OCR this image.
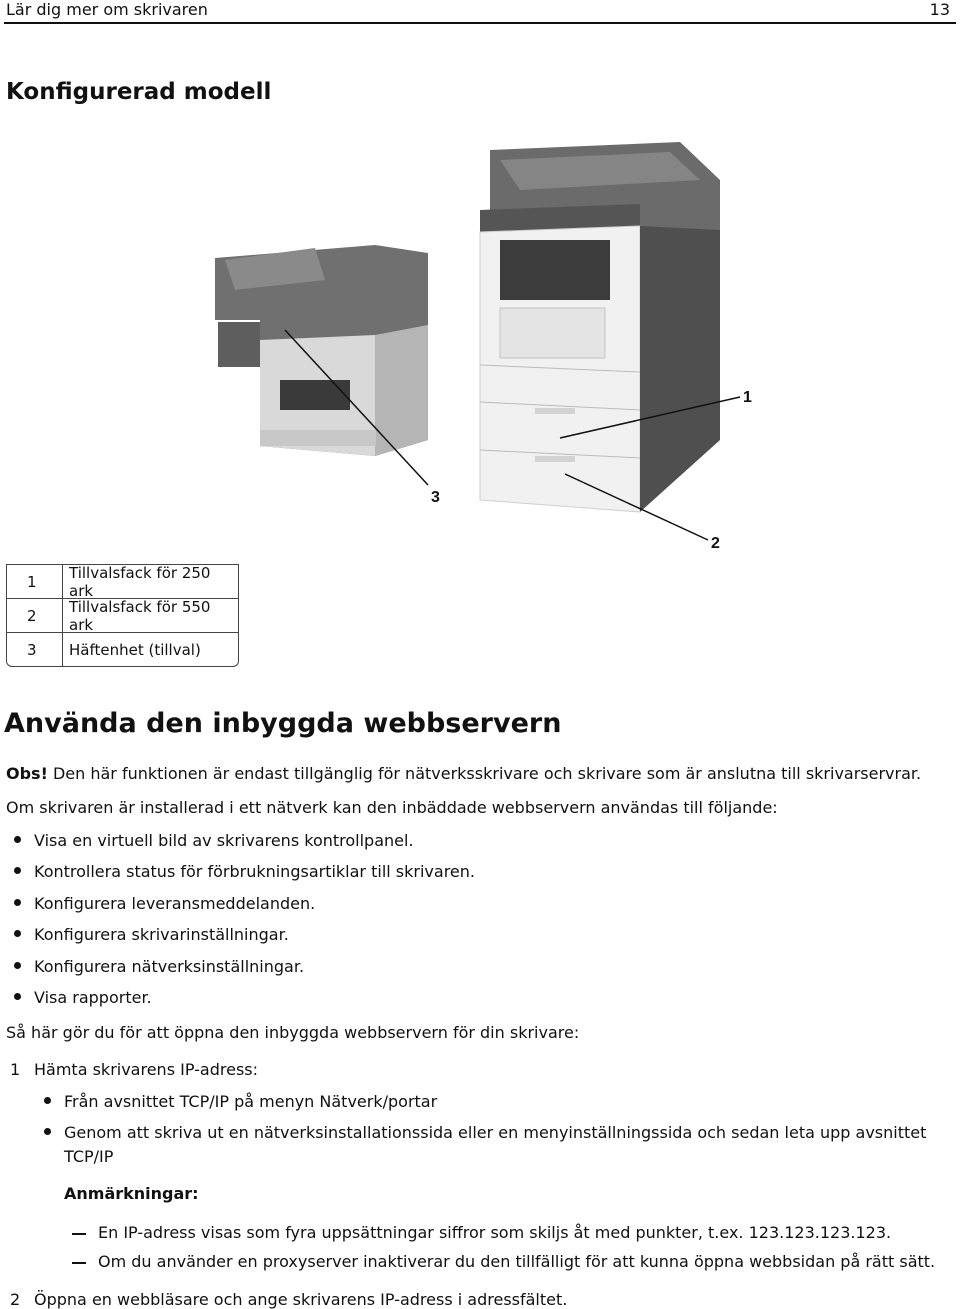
Lär dig mer om skrivaren	13
Konfigurerad modell
1
2
3
1	Tillvalsfack för 250 ark
2	Tillvalsfack för 550 ark
3	Häftenhet (tillval)
Använda den inbyggda webbservern
Obs! Den här funktionen är endast tillgänglig för nätverksskrivare och skrivare som är anslutna till skrivarservrar.
Om skrivaren är installerad i ett nätverk kan den inbäddade webbservern användas till följande:
Visa en virtuell bild av skrivarens kontrollpanel.
Kontrollera status för förbrukningsartiklar till skrivaren.
Konfigurera leveransmeddelanden.
Konfigurera skrivarinställningar.
Konfigurera nätverksinställningar.
Visa rapporter.
Så här gör du för att öppna den inbyggda webbservern för din skrivare:
1 Hämta skrivarens IP-adress:
Från avsnittet TCP/IP på menyn Nätverk/portar
Genom att skriva ut en nätverksinstallationssida eller en menyinställningssida och sedan leta upp avsnittet
TCP/IP
Anmärkningar:
En IP-adress visas som fyra uppsättningar siffror som skiljs åt med punkter, t.ex. 123.123.123.123.
Om du använder en proxyserver inaktiverar du den tillfälligt för att kunna öppna webbsidan på rätt sätt.
2 Öppna en webbläsare och ange skrivarens IP-adress i adressfältet.
